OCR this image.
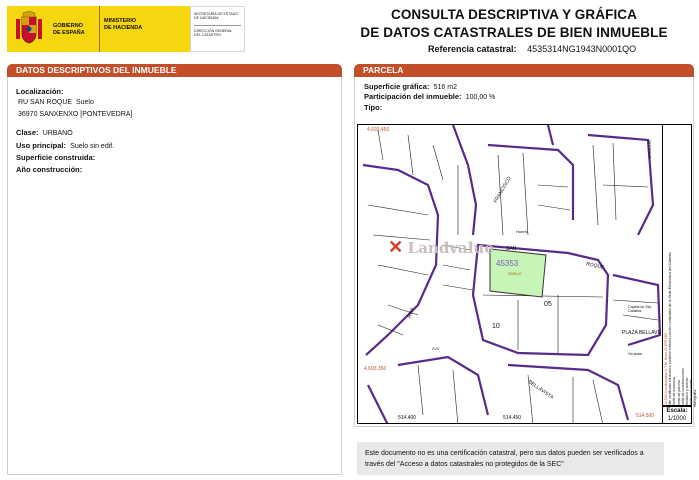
GOBIERNO
DE ESPAÑA
MINISTERIO
DE HACIENDA
SECRETARÍA DE ESTADO
DE HACIENDA
DIRECCIÓN GENERAL
DEL CATASTRO
CONSULTA DESCRIPTIVA Y GRÁFICA
DE DATOS CATASTRALES DE BIEN INMUEBLE
Referencia catastral: 4535314NG1943N0001QO
DATOS DESCRIPTIVOS DEL INMUEBLE
Localización:
RU SAN ROQUE Suelo
36970 SANXENXO [PONTEVEDRA]
Clase: URBANO
Uso principal: Suelo sin edif.
Superficie construida:
Año construcción:
PARCELA
Superficie gráfica: 516 m2
Participación del inmueble: 100,00 %
Tipo:
45353
SUELO
4.693.450
4.693.350
514.400	514.450	514.500
SAN
ROQUE
FRANCISCO
BELLAVISTA
PLAZA BELLAVE
RUA
Huerto
10
05	Capela do Sta. Catalina
Gruzám
2VV
MIRADOR
✕ Landvalue
514,500 Coordenadas U.T.M. Huso 29 ETRS89 Este certificado electrónico contiene enlaces con los contenidos de la Sede Electrónica del Catastro Límite de manzana Límite de parcela Límite de construcciones Mobiliario y aceras Límite zona verde Hidrografía
Escala:
1/1000
Este documento no es una certificación catastral, pero sus datos pueden ser verificados a
través del "Acceso a datos catastrales no protegidos de la SEC"
